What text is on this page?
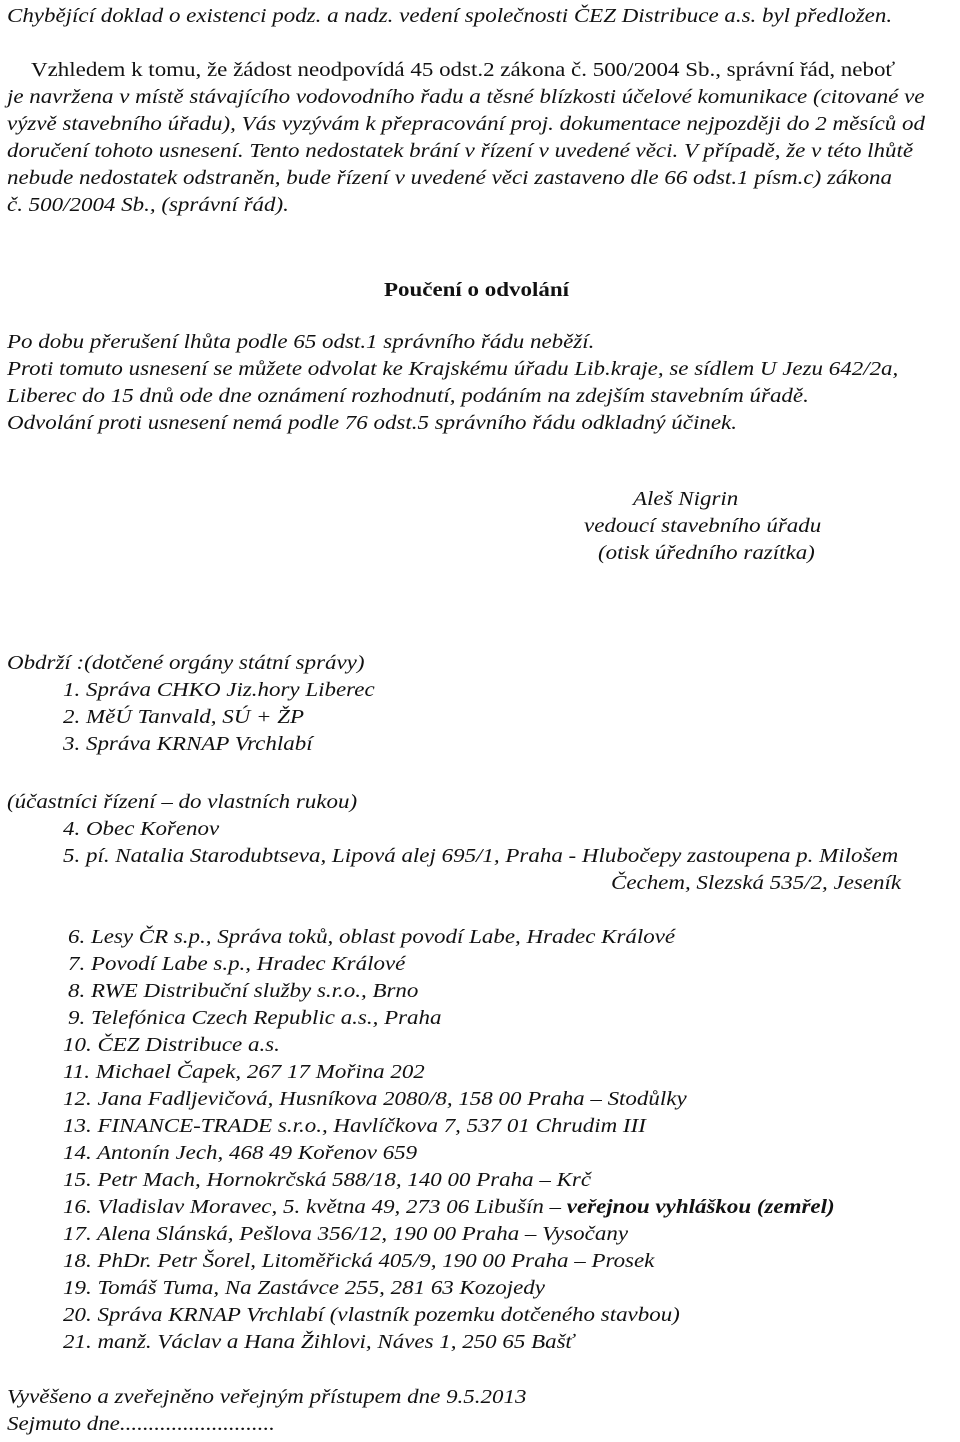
Chybějící doklad o existenci podz. a nadz. vedení společnosti ČEZ Distribuce a.s. byl předložen.
Vzhledem k tomu, že žádost neodpovídá 45 odst.2 zákona č. 500/2004 Sb., správní řád, neboť
je navržena v místě stávajícího vodovodního řadu a těsné blízkosti účelové komunikace (citované ve
výzvě stavebního úřadu), Vás vyzývám k přepracování proj. dokumentace nejpozději do 2 měsíců od
doručení tohoto usnesení. Tento nedostatek brání v řízení v uvedené věci. V případě, že v této lhůtě
nebude nedostatek odstraněn, bude řízení v uvedené věci zastaveno dle 66 odst.1 písm.c) zákona
č. 500/2004 Sb., (správní řád).
Poučení o odvolání
Po dobu přerušení lhůta podle 65 odst.1 správního řádu neběží.
Proti tomuto usnesení se můžete odvolat ke Krajskému úřadu Lib.kraje, se sídlem U Jezu 642/2a,
Liberec do 15 dnů ode dne oznámení rozhodnutí, podáním na zdejším stavebním úřadě.
Odvolání proti usnesení nemá podle 76 odst.5 správního řádu odkladný účinek.
Aleš Nigrin
vedoucí stavebního úřadu
(otisk úředního razítka)
Obdrží :(dotčené orgány státní správy)
1. Správa CHKO Jiz.hory Liberec
2. MěÚ Tanvald, SÚ + ŽP
3. Správa KRNAP Vrchlabí
(účastníci řízení – do vlastních rukou)
4. Obec Kořenov
5. pí. Natalia Starodubtseva, Lipová alej 695/1, Praha - Hlubočepy zastoupena p. Milošem
Čechem, Slezská 535/2, Jeseník
6. Lesy ČR s.p., Správa toků, oblast povodí Labe, Hradec Králové
7. Povodí Labe s.p., Hradec Králové
8. RWE Distribuční služby s.r.o., Brno
9. Telefónica Czech Republic a.s., Praha
10. ČEZ Distribuce a.s.
11. Michael Čapek, 267 17 Mořina 202
12. Jana Fadljevičová, Husníkova 2080/8, 158 00 Praha – Stodůlky
13. FINANCE-TRADE s.r.o., Havlíčkova 7, 537 01 Chrudim III
14. Antonín Jech, 468 49 Kořenov 659
15. Petr Mach, Hornokrčská 588/18, 140 00 Praha – Krč
16. Vladislav Moravec, 5. května 49, 273 06 Libušín – veřejnou vyhláškou (zemřel)
17. Alena Slánská, Pešlova 356/12, 190 00 Praha – Vysočany
18. PhDr. Petr Šorel, Litoměřická 405/9, 190 00 Praha – Prosek
19. Tomáš Tuma, Na Zastávce 255, 281 63 Kozojedy
20. Správa KRNAP Vrchlabí (vlastník pozemku dotčeného stavbou)
21. manž. Václav a Hana Žihlovi, Náves 1, 250 65 Bašť
Vyvěšeno a zveřejněno veřejným přístupem dne 9.5.2013
Sejmuto dne...........................
